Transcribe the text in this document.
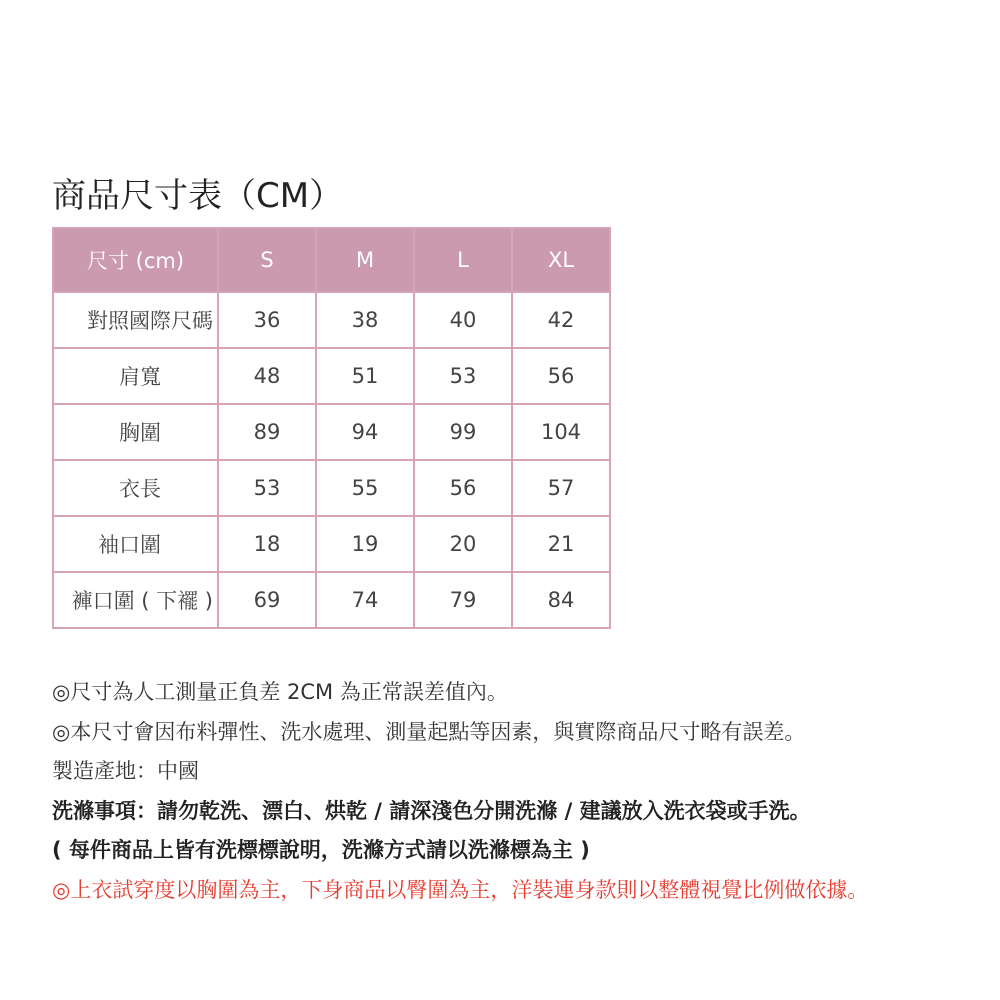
商品尺寸表（CM）
尺寸 (cm)	S	M	L	XL
對照國際尺碼	36	38	40	42
肩寬	48	51	53	56
胸圍	89	94	99	104
衣長	53	55	56	57
袖口圍	18	19	20	21
褲口圍 ( 下襬 )	69	74	79	84
◎尺寸為人工測量正負差 2CM 為正常誤差值內。
◎本尺寸會因布料彈性、洗水處理、測量起點等因素，與實際商品尺寸略有誤差。
製造產地：中國
洗滌事項：請勿乾洗、漂白、烘乾 / 請深淺色分開洗滌 / 建議放入洗衣袋或手洗。
( 每件商品上皆有洗標標說明，洗滌方式請以洗滌標為主 )
◎上衣試穿度以胸圍為主，下身商品以臀圍為主，洋裝連身款則以整體視覺比例做依據。
